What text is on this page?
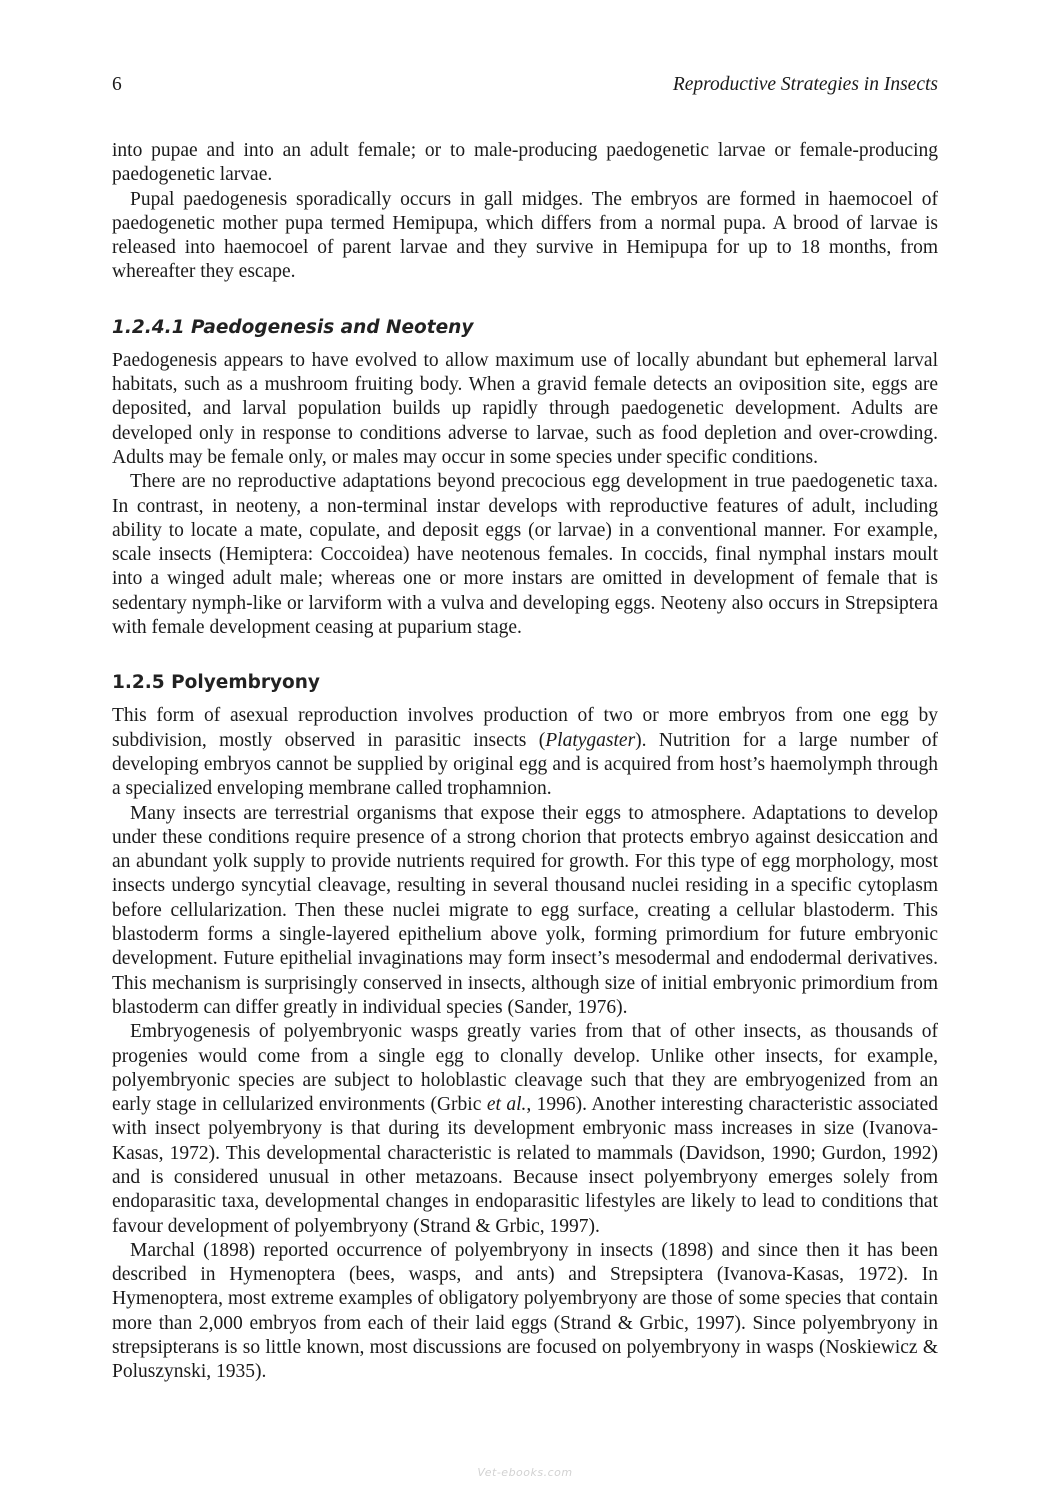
6	Reproductive Strategies in Insects

into pupae and into an adult female; or to male-producing paedogenetic larvae or female-producing paedogenetic larvae.

Pupal paedogenesis sporadically occurs in gall midges. The embryos are formed in haemocoel of paedogenetic mother pupa termed Hemipupa, which differs from a normal pupa. A brood of larvae is released into haemocoel of parent larvae and they survive in Hemipupa for up to 18 months, from whereafter they escape.

1.2.4.1 Paedogenesis and Neoteny

Paedogenesis appears to have evolved to allow maximum use of locally abundant but ephemeral larval habitats, such as a mushroom fruiting body. When a gravid female detects an oviposition site, eggs are deposited, and larval population builds up rapidly through paedogenetic development. Adults are developed only in response to conditions adverse to larvae, such as food depletion and over-crowding. Adults may be female only, or males may occur in some species under specific conditions.

There are no reproductive adaptations beyond precocious egg development in true paedogenetic taxa. In contrast, in neoteny, a non-terminal instar develops with reproductive features of adult, including ability to locate a mate, copulate, and deposit eggs (or larvae) in a conventional manner. For example, scale insects (Hemiptera: Coccoidea) have neotenous females. In coccids, final nymphal instars moult into a winged adult male; whereas one or more instars are omitted in development of female that is sedentary nymph-like or larviform with a vulva and developing eggs. Neoteny also occurs in Strepsiptera with female development ceasing at puparium stage.

1.2.5 Polyembryony

This form of asexual reproduction involves production of two or more embryos from one egg by subdivision, mostly observed in parasitic insects (Platygaster). Nutrition for a large number of developing embryos cannot be supplied by original egg and is acquired from host’s haemolymph through a specialized enveloping membrane called trophamnion.

Many insects are terrestrial organisms that expose their eggs to atmosphere. Adaptations to develop under these conditions require presence of a strong chorion that protects embryo against desiccation and an abundant yolk supply to provide nutrients required for growth. For this type of egg morphology, most insects undergo syncytial cleavage, resulting in several thousand nuclei residing in a specific cytoplasm before cellularization. Then these nuclei migrate to egg surface, creating a cellular blastoderm. This blastoderm forms a single-layered epithelium above yolk, forming primordium for future embryonic development. Future epithelial invaginations may form insect’s mesodermal and endodermal derivatives. This mechanism is surprisingly conserved in insects, although size of initial embryonic primordium from blastoderm can differ greatly in individual species (Sander, 1976).

Embryogenesis of polyembryonic wasps greatly varies from that of other insects, as thousands of progenies would come from a single egg to clonally develop. Unlike other insects, for example, polyembryonic species are subject to holoblastic cleavage such that they are embryogenized from an early stage in cellularized environments (Grbic et al., 1996). Another interesting characteristic associated with insect polyembryony is that during its development embryonic mass increases in size (Ivanova-Kasas, 1972). This developmental characteristic is related to mammals (Davidson, 1990; Gurdon, 1992) and is considered unusual in other metazoans. Because insect polyembryony emerges solely from endoparasitic taxa, developmental changes in endoparasitic lifestyles are likely to lead to conditions that favour development of polyembryony (Strand & Grbic, 1997).

Marchal (1898) reported occurrence of polyembryony in insects (1898) and since then it has been described in Hymenoptera (bees, wasps, and ants) and Strepsiptera (Ivanova-Kasas, 1972). In Hymenoptera, most extreme examples of obligatory polyembryony are those of some species that contain more than 2,000 embryos from each of their laid eggs (Strand & Grbic, 1997). Since polyembryony in strepsipterans is so little known, most discussions are focused on polyembryony in wasps (Noskiewicz & Poluszynski, 1935).

Vet-ebooks.com
